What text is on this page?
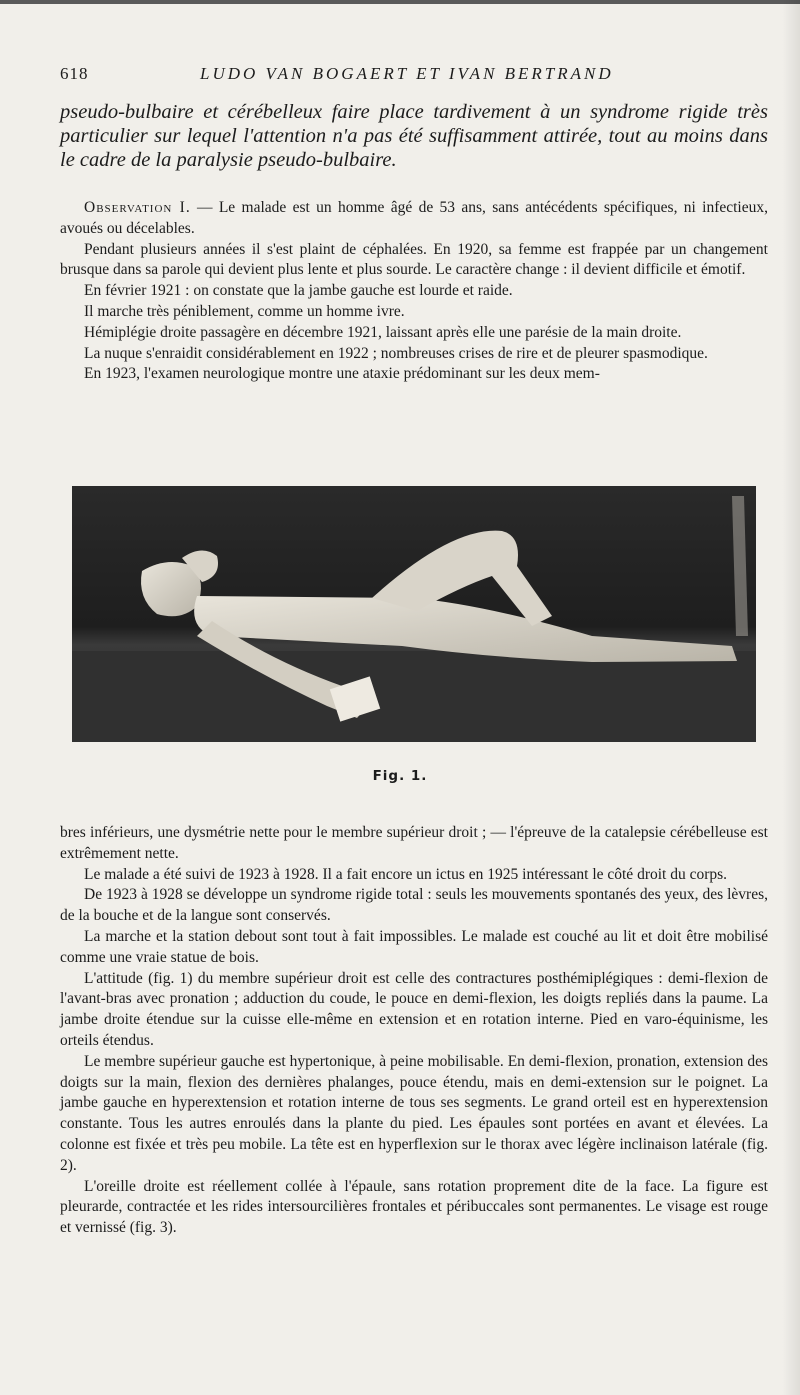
618	LUDO VAN BOGAERT ET IVAN BERTRAND

pseudo-bulbaire et cérébelleux faire place tardivement à un syndrome rigide très particulier sur lequel l'attention n'a pas été suffisamment attirée, tout au moins dans le cadre de la paralysie pseudo-bulbaire.

Observation I. — Le malade est un homme âgé de 53 ans, sans antécédents spécifiques, ni infectieux, avoués ou décelables.

Pendant plusieurs années il s'est plaint de céphalées. En 1920, sa femme est frappée par un changement brusque dans sa parole qui devient plus lente et plus sourde. Le caractère change : il devient difficile et émotif.

En février 1921 : on constate que la jambe gauche est lourde et raide.

Il marche très péniblement, comme un homme ivre.

Hémiplégie droite passagère en décembre 1921, laissant après elle une parésie de la main droite.

La nuque s'enraidit considérablement en 1922 ; nombreuses crises de rire et de pleurer spasmodique.

En 1923, l'examen neurologique montre une ataxie prédominant sur les deux mem-

Fig. 1.

bres inférieurs, une dysmétrie nette pour le membre supérieur droit ; — l'épreuve de la catalepsie cérébelleuse est extrêmement nette.

Le malade a été suivi de 1923 à 1928. Il a fait encore un ictus en 1925 intéressant le côté droit du corps.

De 1923 à 1928 se développe un syndrome rigide total : seuls les mouvements spontanés des yeux, des lèvres, de la bouche et de la langue sont conservés.

La marche et la station debout sont tout à fait impossibles. Le malade est couché au lit et doit être mobilisé comme une vraie statue de bois.

L'attitude (fig. 1) du membre supérieur droit est celle des contractures posthémiplégiques : demi-flexion de l'avant-bras avec pronation ; adduction du coude, le pouce en demi-flexion, les doigts repliés dans la paume. La jambe droite étendue sur la cuisse elle-même en extension et en rotation interne. Pied en varo-équinisme, les orteils étendus.

Le membre supérieur gauche est hypertonique, à peine mobilisable. En demi-flexion, pronation, extension des doigts sur la main, flexion des dernières phalanges, pouce étendu, mais en demi-extension sur le poignet. La jambe gauche en hyperextension et rotation interne de tous ses segments. Le grand orteil est en hyperextension constante. Tous les autres enroulés dans la plante du pied. Les épaules sont portées en avant et élevées. La colonne est fixée et très peu mobile. La tête est en hyperflexion sur le thorax avec légère inclinaison latérale (fig. 2).

L'oreille droite est réellement collée à l'épaule, sans rotation proprement dite de la face. La figure est pleurarde, contractée et les rides intersourcilières frontales et péribuccales sont permanentes. Le visage est rouge et vernissé (fig. 3).
